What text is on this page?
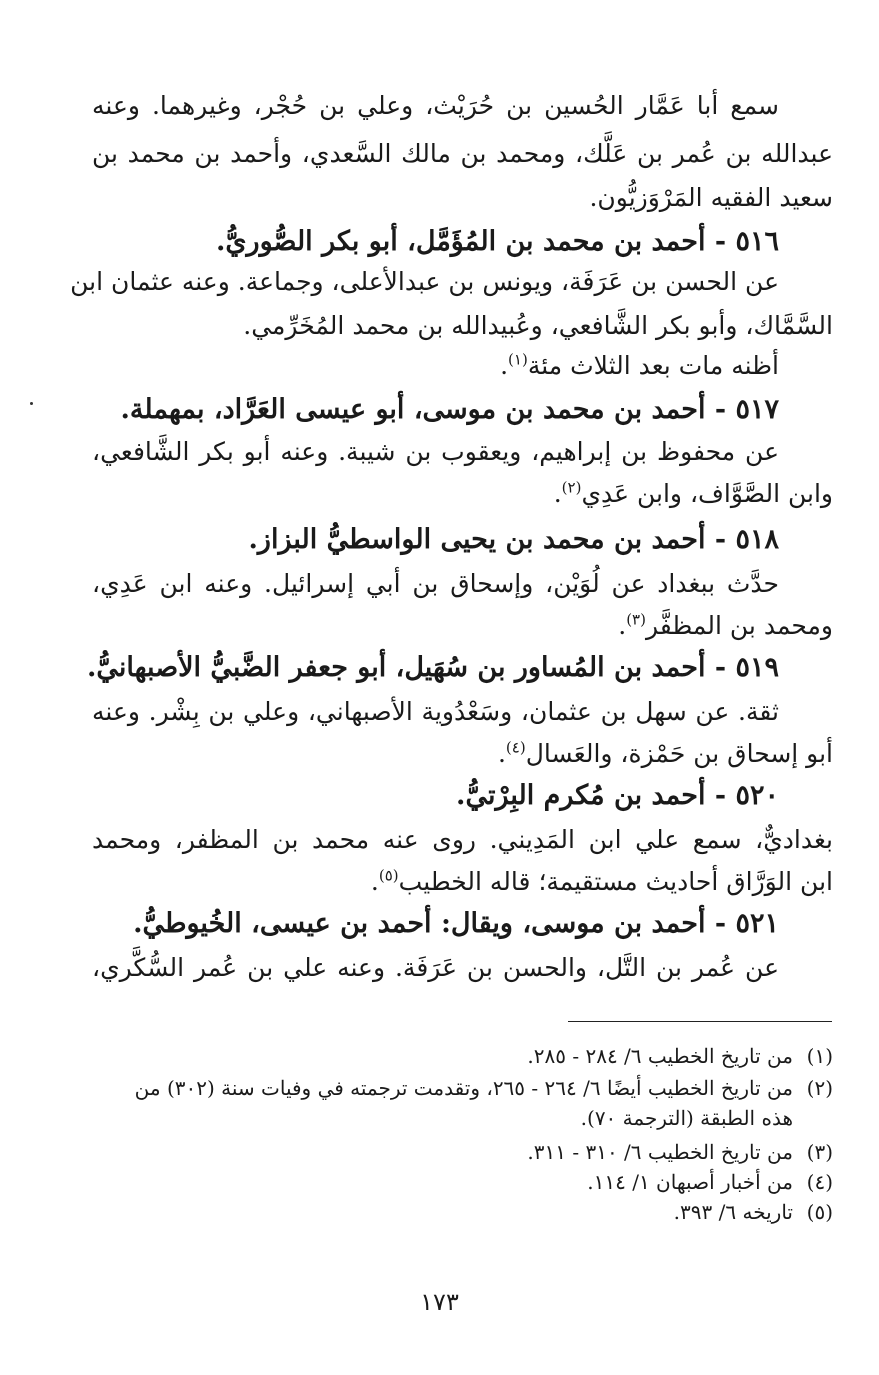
سمع أبا عَمَّار الحُسين بن حُرَيْث، وعلي بن حُجْر، وغيرهما. وعنه
عبدالله بن عُمر بن عَلَّك، ومحمد بن مالك السَّعدي، وأحمد بن محمد بن
سعيد الفقيه المَرْوَزيُّون.
٥١٦ - أحمد بن محمد بن المُؤَمَّل، أبو بكر الصُّوريُّ.
عن الحسن بن عَرَفَة، ويونس بن عبدالأعلى، وجماعة. وعنه عثمان ابن
السَّمَّاك، وأبو بكر الشَّافعي، وعُبيدالله بن محمد المُخَرِّمي.
أظنه مات بعد الثلاث مئة$^{(١)}$.
٥١٧ - أحمد بن محمد بن موسى، أبو عيسى العَرَّاد، بمهملة.
عن محفوظ بن إبراهيم، ويعقوب بن شيبة. وعنه أبو بكر الشَّافعي،
وابن الصَّوَّاف، وابن عَدِي$^{(٢)}$.
٥١٨ - أحمد بن محمد بن يحيى الواسطيُّ البزاز.
حدَّث ببغداد عن لُوَيْن، وإسحاق بن أبي إسرائيل. وعنه ابن عَدِي،
ومحمد بن المظفَّر$^{(٣)}$.
٥١٩ - أحمد بن المُساور بن سُهَيل، أبو جعفر الضَّبيُّ الأصبهانيُّ.
ثقة. عن سهل بن عثمان، وسَعْدُوية الأصبهاني، وعلي بن بِشْر. وعنه
أبو إسحاق بن حَمْزة، والعَسال$^{(٤)}$.
٥٢٠ - أحمد بن مُكرم البِرْتيُّ.
بغداديٌّ، سمع علي ابن المَدِيني. روى عنه محمد بن المظفر، ومحمد
ابن الوَرَّاق أحاديث مستقيمة؛ قاله الخطيب$^{(٥)}$.
٥٢١ - أحمد بن موسى، ويقال: أحمد بن عيسى، الخُيوطيُّ.
عن عُمر بن التَّل، والحسن بن عَرَفَة. وعنه علي بن عُمر السُّكَّري،
(١)من تاريخ الخطيب ٦/ ٢٨٤ - ٢٨٥.
(٢)من تاريخ الخطيب أيضًا ٦/ ٢٦٤ - ٢٦٥، وتقدمت ترجمته في وفيات سنة (٣٠٢) من
هذه الطبقة (الترجمة ٧٠).
(٣)من تاريخ الخطيب ٦/ ٣١٠ - ٣١١.
(٤)من أخبار أصبهان ١/ ١١٤.
(٥)تاريخه ٦/ ٣٩٣.
١٧٣
